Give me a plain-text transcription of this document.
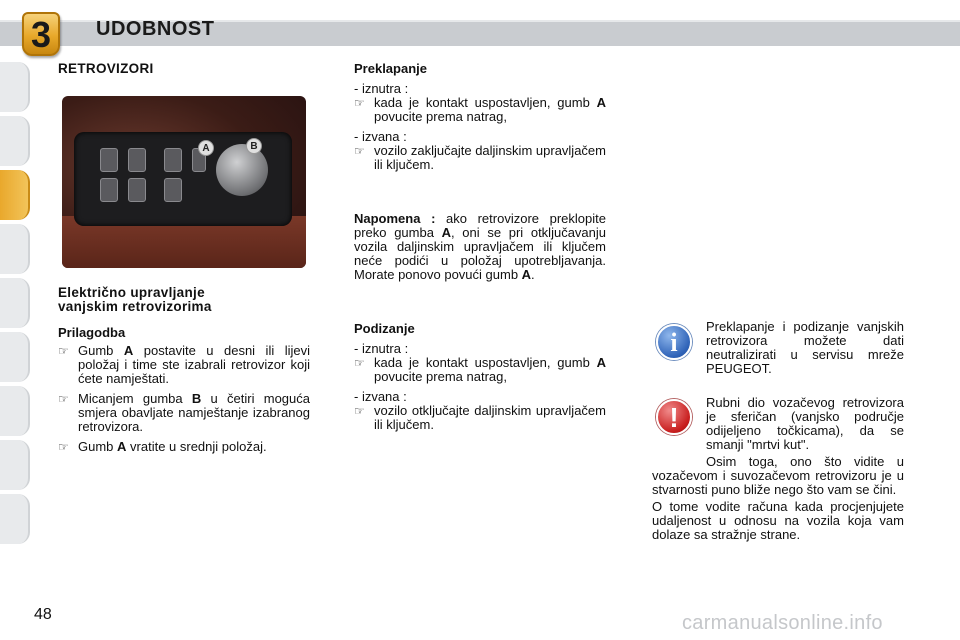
3	UDOBNOST
RETROVIZORI
A	B
Električno upravljanje
vanjskim retrovizorima
Prilagodba
☞ Gumb A postavite u desni ili lijevi položaj i time ste izabrali retrovizor koji ćete namještati.
☞ Micanjem gumba B u četiri moguća smjera obavljate namještanje izabranog retrovizora.
☞ Gumb A vratite u srednji položaj.
Preklapanje
- iznutra :
☞ kada je kontakt uspostavljen, gumb A povucite prema natrag,
- izvana :
☞ vozilo zaključajte daljinskim upravljačem ili ključem.
Napomena : ako retrovizore preklopite preko gumba A, oni se pri otključavanju vozila daljinskim upravljačem ili ključem neće podići u položaj upotrebljavanja. Morate ponovo povući gumb A.
Podizanje
- iznutra :
☞ kada je kontakt uspostavljen, gumb A povucite prema natrag,
- izvana :
☞ vozilo otključajte daljinskim upravljačem ili ključem.
i
Preklapanje i podizanje vanjskih retrovizora možete dati neutralizirati u servisu mreže PEUGEOT.
!	Rubni dio vozačevog retrovizora je sferičan (vanjsko područje odijeljeno točkicama), da se smanji "mrtvi kut".
Osim toga, ono što vidite u vozačevom i suvozačevom retrovizoru je u stvarnosti puno bliže nego što vam se čini.
O tome vodite računa kada procjenjujete udaljenost u odnosu na vozila koja vam dolaze sa stražnje strane.
48	carmanualsonline.info
